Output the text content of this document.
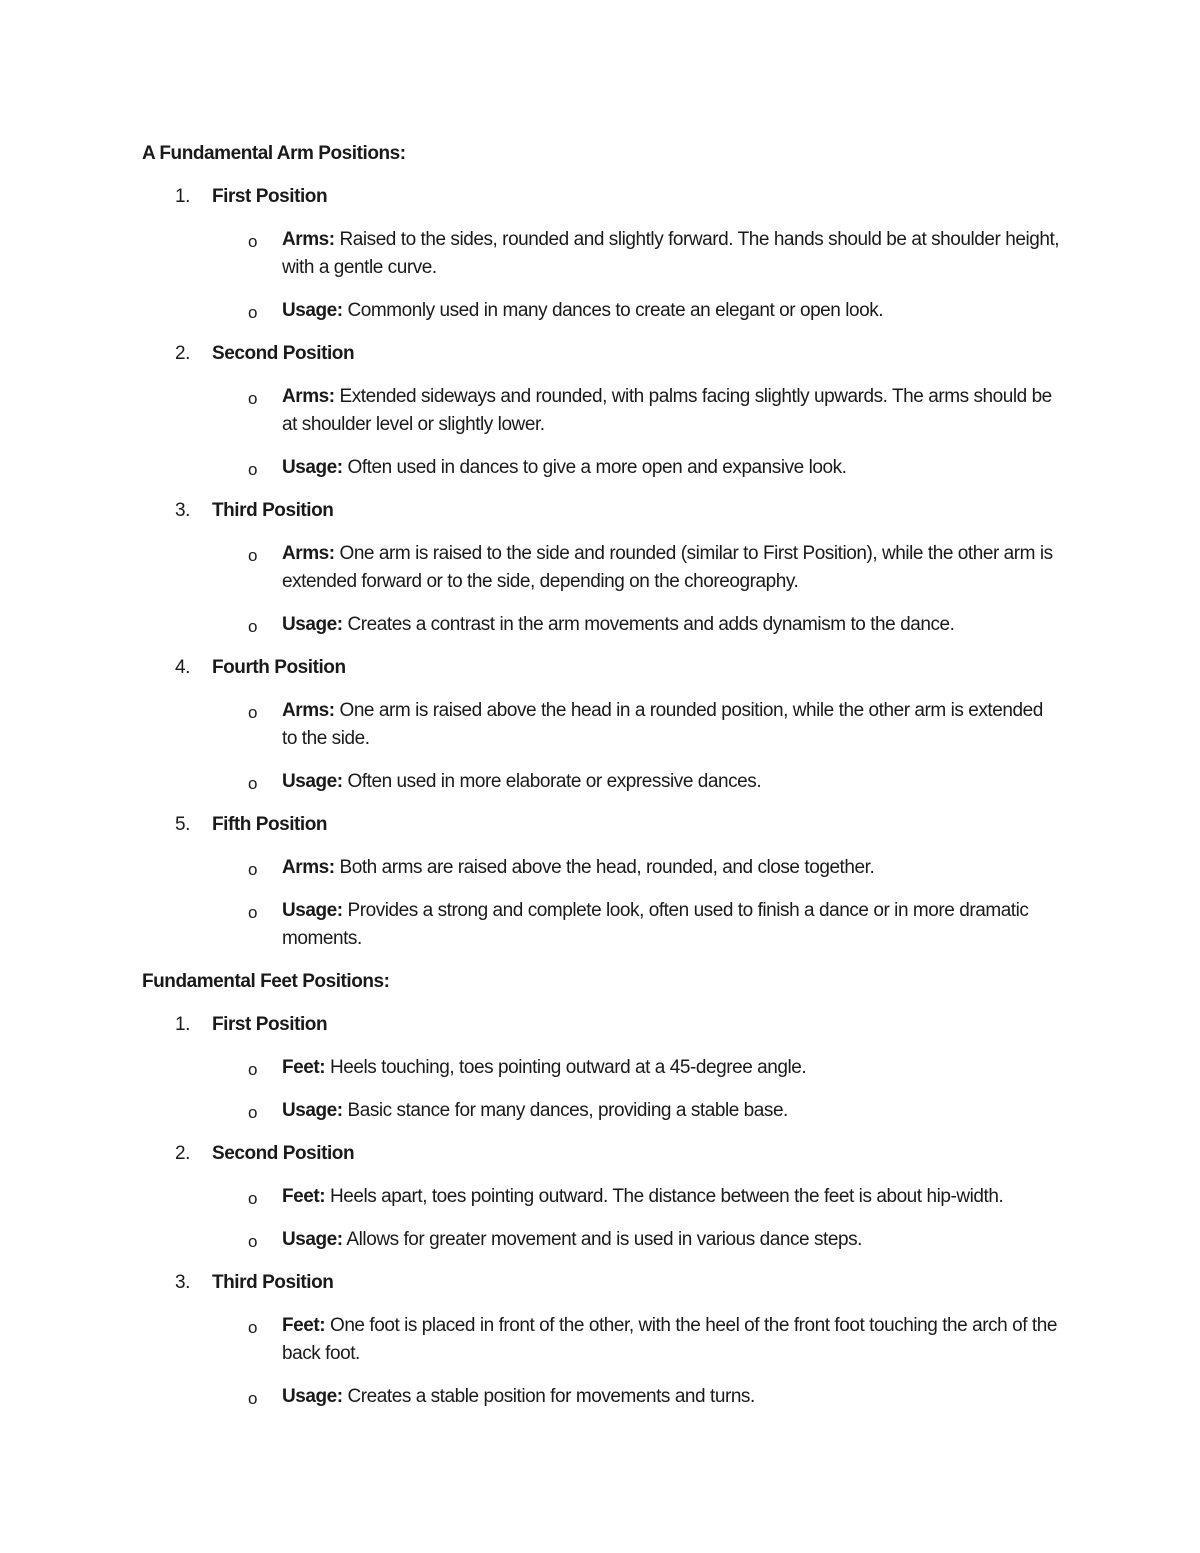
A Fundamental Arm Positions:
1.	First Position
o	Arms: Raised to the sides, rounded and slightly forward. The hands should be at shoulder height, with a gentle curve.
o	Usage: Commonly used in many dances to create an elegant or open look.
2.	Second Position
o	Arms: Extended sideways and rounded, with palms facing slightly upwards. The arms should be at shoulder level or slightly lower.
o	Usage: Often used in dances to give a more open and expansive look.
3.	Third Position
o	Arms: One arm is raised to the side and rounded (similar to First Position), while the other arm is extended forward or to the side, depending on the choreography.
o	Usage: Creates a contrast in the arm movements and adds dynamism to the dance.
4.	Fourth Position
o	Arms: One arm is raised above the head in a rounded position, while the other arm is extended to the side.
o	Usage: Often used in more elaborate or expressive dances.
5.	Fifth Position
o	Arms: Both arms are raised above the head, rounded, and close together.
o	Usage: Provides a strong and complete look, often used to finish a dance or in more dramatic moments.
Fundamental Feet Positions:
1.	First Position
o	Feet: Heels touching, toes pointing outward at a 45-degree angle.
o	Usage: Basic stance for many dances, providing a stable base.
2.	Second Position
o	Feet: Heels apart, toes pointing outward. The distance between the feet is about hip-width.
o	Usage: Allows for greater movement and is used in various dance steps.
3.	Third Position
o	Feet: One foot is placed in front of the other, with the heel of the front foot touching the arch of the back foot.
o	Usage: Creates a stable position for movements and turns.
